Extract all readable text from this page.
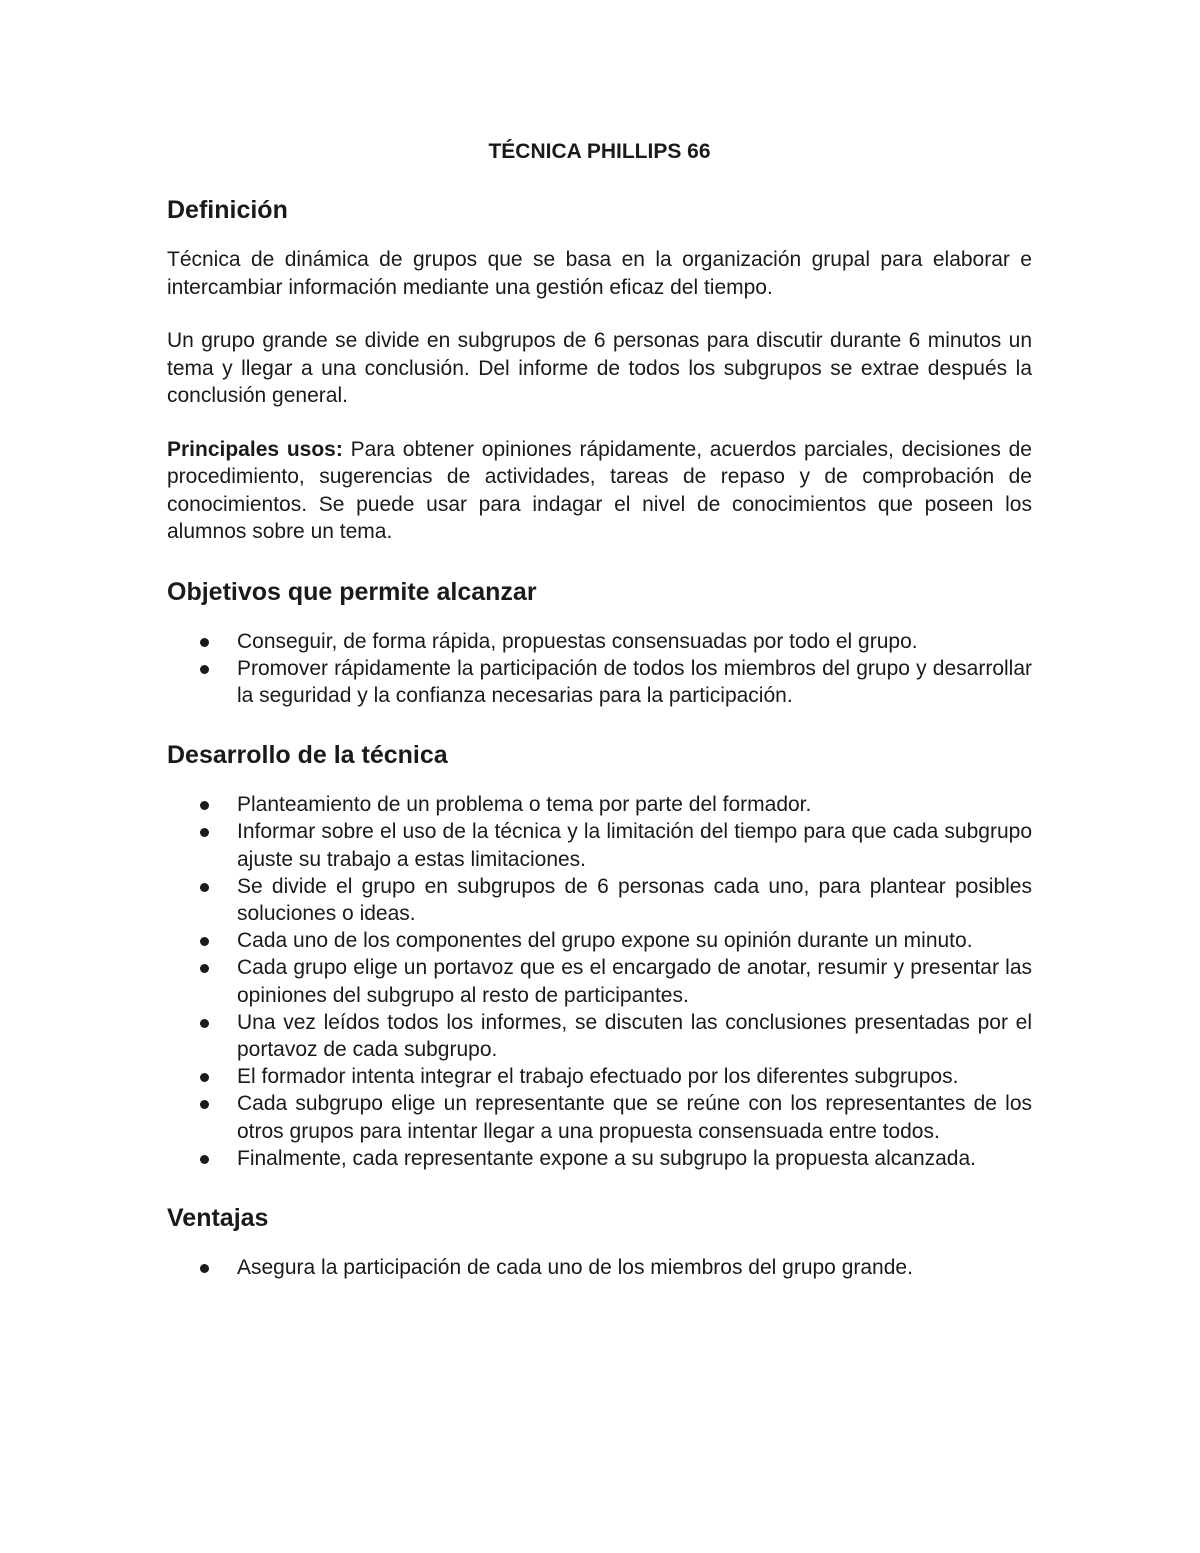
TÉCNICA PHILLIPS 66
Definición

Técnica de dinámica de grupos que se basa en la organización grupal para elaborar e intercambiar información mediante una gestión eficaz del tiempo.

Un grupo grande se divide en subgrupos de 6 personas para discutir durante 6 minutos un tema y llegar a una conclusión. Del informe de todos los subgrupos se extrae después la conclusión general.

Principales usos: Para obtener opiniones rápidamente, acuerdos parciales, decisiones de procedimiento, sugerencias de actividades, tareas de repaso y de comprobación de conocimientos. Se puede usar para indagar el nivel de conocimientos que poseen los alumnos sobre un tema.

Objetivos que permite alcanzar
Conseguir, de forma rápida, propuestas consensuadas por todo el grupo.
Promover rápidamente la participación de todos los miembros del grupo y desarrollar la seguridad y la confianza necesarias para la participación.
Desarrollo de la técnica
Planteamiento de un problema o tema por parte del formador.
Informar sobre el uso de la técnica y la limitación del tiempo para que cada subgrupo ajuste su trabajo a estas limitaciones.
Se divide el grupo en subgrupos de 6 personas cada uno, para plantear posibles soluciones o ideas.
Cada uno de los componentes del grupo expone su opinión durante un minuto.
Cada grupo elige un portavoz que es el encargado de anotar, resumir y presentar las opiniones del subgrupo al resto de participantes.
Una vez leídos todos los informes, se discuten las conclusiones presentadas por el portavoz de cada subgrupo.
El formador intenta integrar el trabajo efectuado por los diferentes subgrupos.
Cada subgrupo elige un representante que se reúne con los representantes de los otros grupos para intentar llegar a una propuesta consensuada entre todos.
Finalmente, cada representante expone a su subgrupo la propuesta alcanzada.
Ventajas
Asegura la participación de cada uno de los miembros del grupo grande.
